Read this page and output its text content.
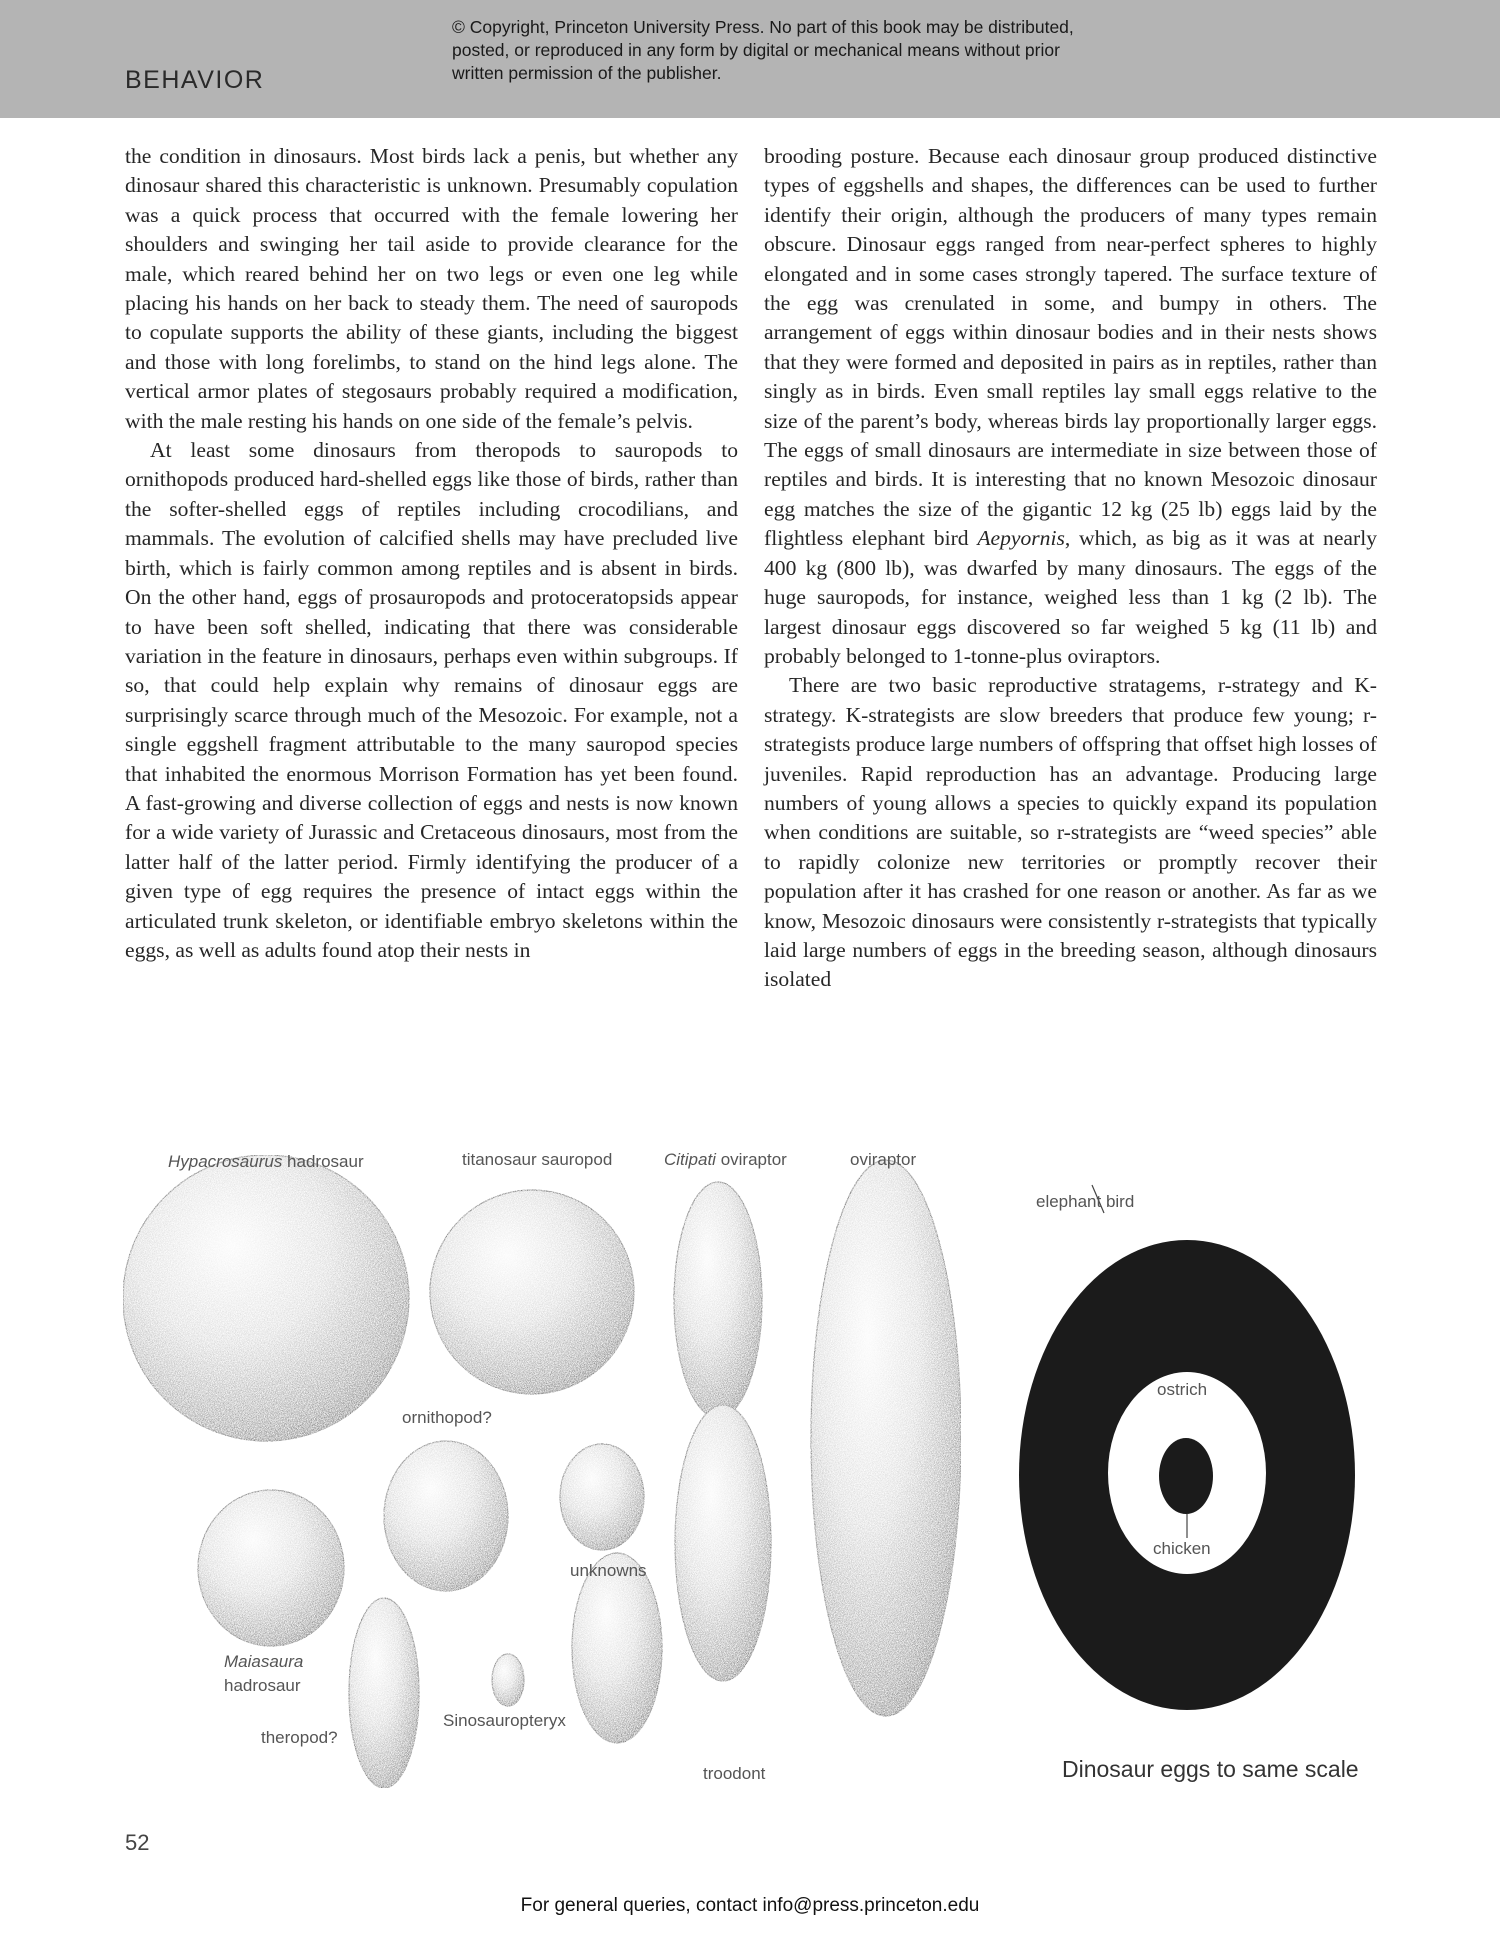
BEHAVIOR
© Copyright, Princeton University Press. No part of this book may be distributed, posted, or reproduced in any form by digital or mechanical means without prior written permission of the publisher.

the condition in dinosaurs. Most birds lack a penis, but whether any dinosaur shared this characteristic is unknown. Presumably copulation was a quick process that occurred with the female lowering her shoulders and swinging her tail aside to provide clearance for the male, which reared behind her on two legs or even one leg while placing his hands on her back to steady them. The need of sauropods to copulate supports the ability of these giants, including the biggest and those with long forelimbs, to stand on the hind legs alone. The vertical armor plates of stegosaurs probably required a modification, with the male resting his hands on one side of the female’s pelvis.

At least some dinosaurs from theropods to sauropods to ornithopods produced hard-shelled eggs like those of birds, rather than the softer-shelled eggs of reptiles including crocodilians, and mammals. The evolution of calcified shells may have precluded live birth, which is fairly common among reptiles and is absent in birds. On the other hand, eggs of prosauropods and protoceratopsids appear to have been soft shelled, indicating that there was considerable variation in the feature in dinosaurs, perhaps even within subgroups. If so, that could help explain why remains of dinosaur eggs are surprisingly scarce through much of the Mesozoic. For example, not a single eggshell fragment attributable to the many sauropod species that inhabited the enormous Morrison Formation has yet been found. A fast-growing and diverse collection of eggs and nests is now known for a wide variety of Jurassic and Cretaceous dinosaurs, most from the latter half of the latter period. Firmly identifying the producer of a given type of egg requires the presence of intact eggs within the articulated trunk skeleton, or identifiable embryo skeletons within the eggs, as well as adults found atop their nests in

brooding posture. Because each dinosaur group produced distinctive types of eggshells and shapes, the differences can be used to further identify their origin, although the producers of many types remain obscure. Dinosaur eggs ranged from near-perfect spheres to highly elongated and in some cases strongly tapered. The surface texture of the egg was crenulated in some, and bumpy in others. The arrangement of eggs within dinosaur bodies and in their nests shows that they were formed and deposited in pairs as in reptiles, rather than singly as in birds. Even small reptiles lay small eggs relative to the size of the parent’s body, whereas birds lay proportionally larger eggs. The eggs of small dinosaurs are intermediate in size between those of reptiles and birds. It is interesting that no known Mesozoic dinosaur egg matches the size of the gigantic 12 kg (25 lb) eggs laid by the flightless elephant bird Aepyornis, which, as big as it was at nearly 400 kg (800 lb), was dwarfed by many dinosaurs. The eggs of the huge sauropods, for instance, weighed less than 1 kg (2 lb). The largest dinosaur eggs discovered so far weighed 5 kg (11 lb) and probably belonged to 1-tonne-plus oviraptors.

There are two basic reproductive stratagems, r-strategy and K-strategy. K-strategists are slow breeders that produce few young; r-strategists produce large numbers of offspring that offset high losses of juveniles. Rapid reproduction has an advantage. Producing large numbers of young allows a species to quickly expand its population when conditions are suitable, so r-strategists are “weed species” able to rapidly colonize new territories or promptly recover their population after it has crashed for one reason or another. As far as we know, Mesozoic dinosaurs were consistently r-strategists that typically laid large numbers of eggs in the breeding season, although dinosaurs isolated

Hypacrosaurus hadrosaur	titanosaur sauropod	Citipati oviraptor	oviraptor
elephant bird
ornithopod?
ostrich
chicken
unknowns
Maiasaura
hadrosaur
Sinosauropteryx
theropod?
troodont	Dinosaur eggs to same scale
52
For general queries, contact info@press.princeton.edu
